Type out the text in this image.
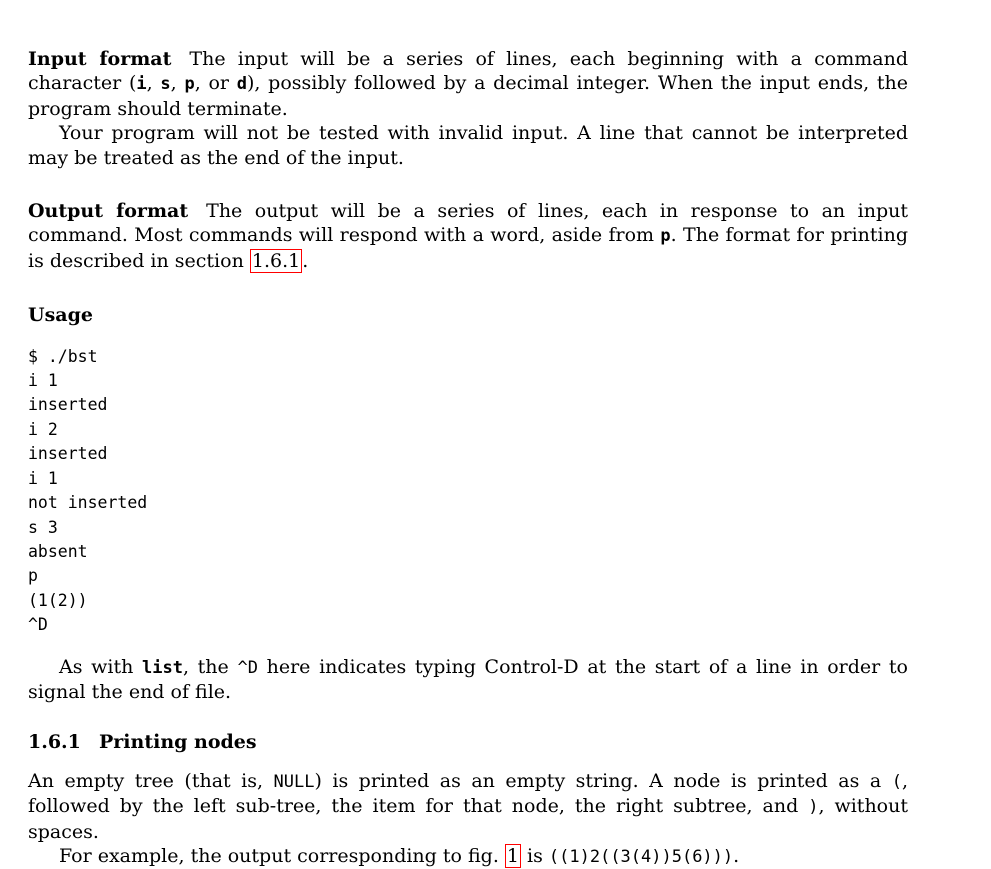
Input format The input will be a series of lines, each beginning with a command character (i, s, p, or d), possibly followed by a decimal integer. When the input ends, the program should terminate.

Your program will not be tested with invalid input. A line that cannot be interpreted may be treated as the end of the input.

Output format The output will be a series of lines, each in response to an input command. Most commands will respond with a word, aside from p. The format for printing is described in section 1.6.1 .

Usage
$ ./bst
i 1
inserted
i 2
inserted
i 1
not inserted
s 3
absent
p
(1(2))
^D

As with list, the ^D here indicates typing Control-D at the start of a line in order to signal the end of file.

1.6.1 Printing nodes

An empty tree (that is, NULL) is printed as an empty string. A node is printed as a (, followed by the left sub-tree, the item for that node, the right subtree, and ), without spaces.

For example, the output corresponding to fig. 1 is ((1)2((3(4))5(6))).
